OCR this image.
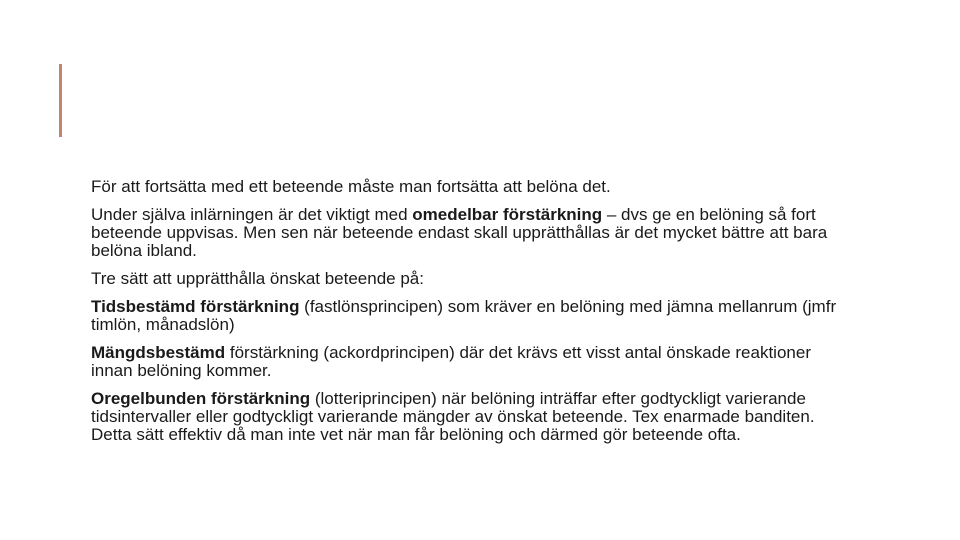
För att fortsätta med ett beteende måste man fortsätta att belöna det.

Under själva inlärningen är det viktigt med omedelbar förstärkning – dvs ge en belöning så fort beteende uppvisas. Men sen när beteende endast skall upprätthållas är det mycket bättre att bara belöna ibland.

Tre sätt att upprätthålla önskat beteende på:

Tidsbestämd förstärkning (fastlönsprincipen) som kräver en belöning med jämna mellanrum (jmfr timlön, månadslön)

Mängdsbestämd förstärkning (ackordprincipen) där det krävs ett visst antal önskade reaktioner innan belöning kommer.

Oregelbunden förstärkning (lotteriprincipen) när belöning inträffar efter godtyckligt varierande tidsintervaller eller godtyckligt varierande mängder av önskat beteende. Tex enarmade banditen. Detta sätt effektiv då man inte vet när man får belöning och därmed gör beteende ofta.
